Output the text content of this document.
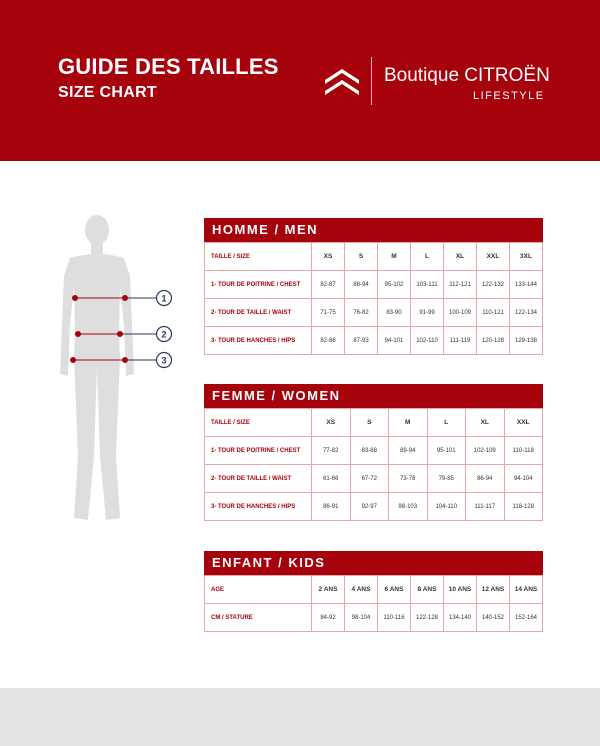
GUIDE DES TAILLES
SIZE CHART
Boutique CITROËN
LIFESTYLE
1
2
3
HOMME / MEN
TAILLE / SIZE	XS	S	M	L	XL	XXL	3XL
1- TOUR DE POITRINE / CHEST	82-87	88-94	95-102	103-111	112-121	122-132	133-144
2- TOUR DE TAILLE / WAIST	71-75	76-82	83-90	91-99	100-109	110-121	122-134
3- TOUR DE HANCHES / HIPS	82-86	87-93	94-101	102-110	111-119	120-128	129-138
FEMME / WOMEN
TAILLE / SIZE	XS	S	M	L	XL	XXL
1- TOUR DE POITRINE / CHEST	77-82	83-88	89-94	95-101	102-109	110-118
2- TOUR DE TAILLE / WAIST	61-66	67-72	73-78	79-85	86-94	94-104
3- TOUR DE HANCHES / HIPS	86-91	92-97	98-103	104-110	111-117	118-128
ENFANT / KIDS
AGE	2 ANS	4 ANS	6 ANS	8 ANS	10 ANS	12 ANS	14 ANS
CM / STATURE	84-92	98-104	110-116	122-128	134-140	140-152	152-164
